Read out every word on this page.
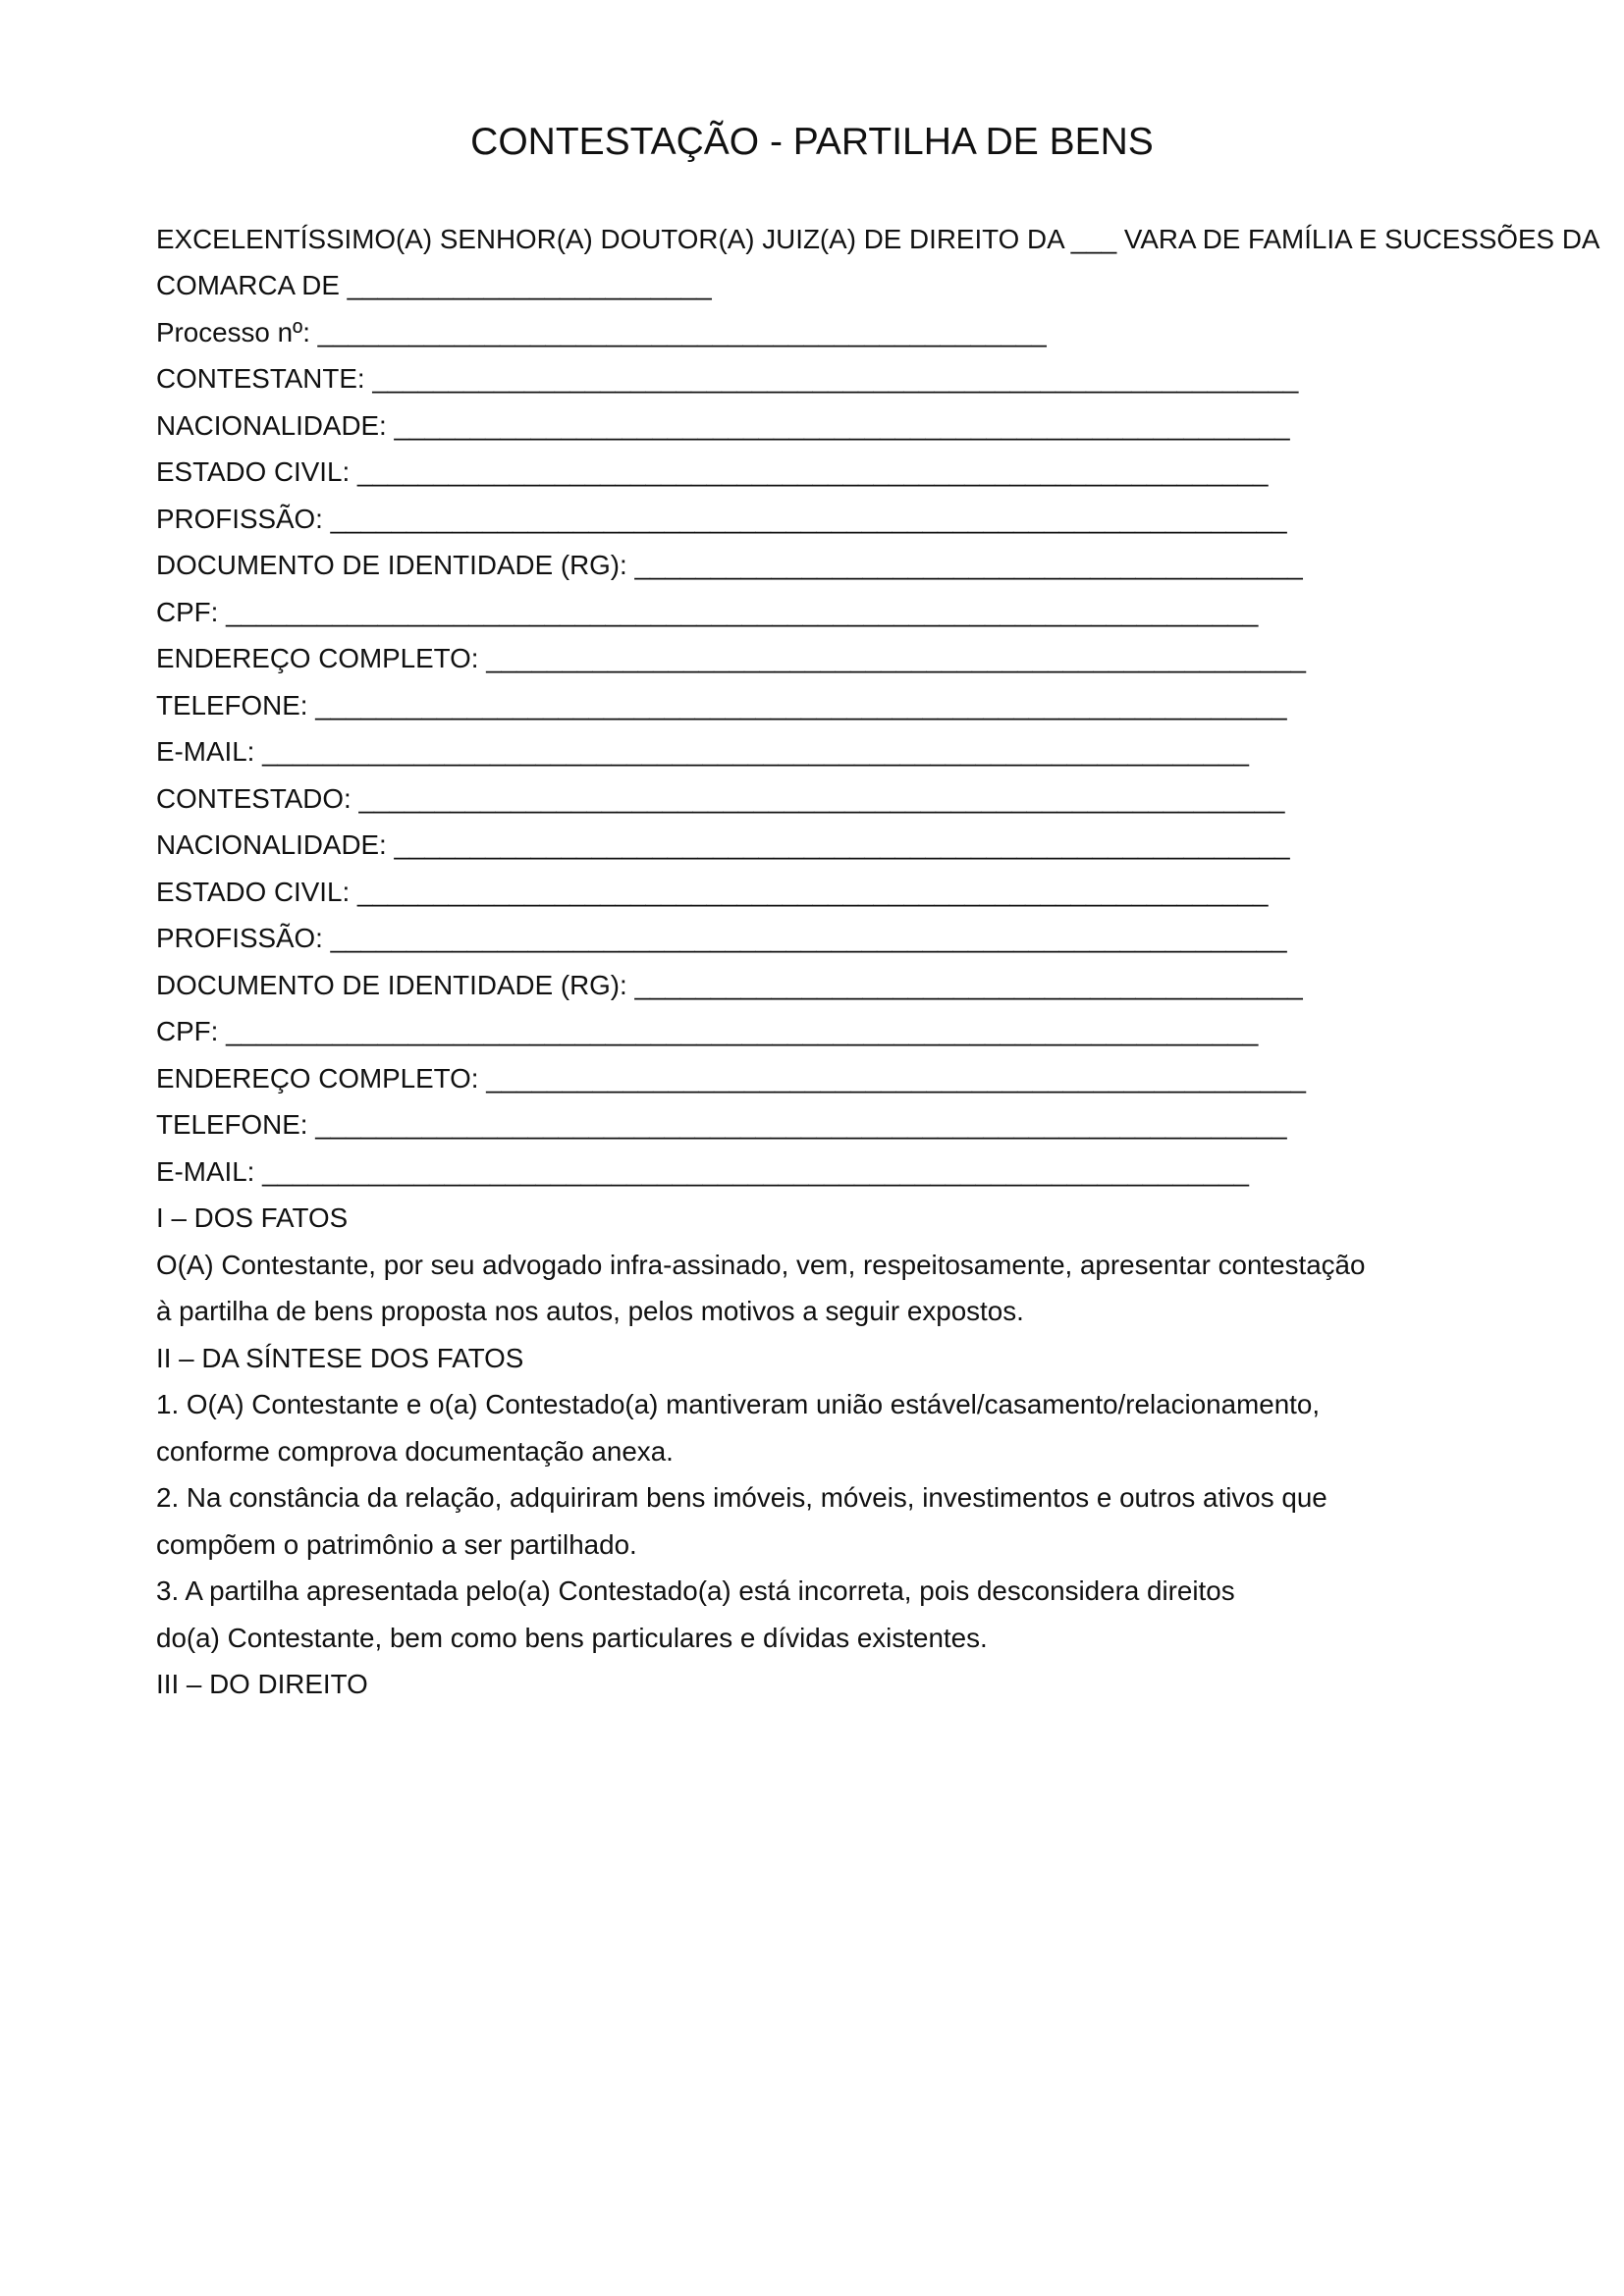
CONTESTAÇÃO - PARTILHA DE BENS
EXCELENTÍSSIMO(A) SENHOR(A) DOUTOR(A) JUIZ(A) DE DIREITO DA ___ VARA DE FAMÍLIA E SUCESSÕES DA
COMARCA DE ________________________
Processo nº: ________________________________________________
CONTESTANTE: _____________________________________________________________
NACIONALIDADE: ___________________________________________________________
ESTADO CIVIL: ____________________________________________________________
PROFISSÃO: _______________________________________________________________
DOCUMENTO DE IDENTIDADE (RG): ____________________________________________
CPF: ____________________________________________________________________
ENDEREÇO COMPLETO: ______________________________________________________
TELEFONE: ________________________________________________________________
E-MAIL: _________________________________________________________________
CONTESTADO: _____________________________________________________________
NACIONALIDADE: ___________________________________________________________
ESTADO CIVIL: ____________________________________________________________
PROFISSÃO: _______________________________________________________________
DOCUMENTO DE IDENTIDADE (RG): ____________________________________________
CPF: ____________________________________________________________________
ENDEREÇO COMPLETO: ______________________________________________________
TELEFONE: ________________________________________________________________
E-MAIL: _________________________________________________________________
I – DOS FATOS
O(A) Contestante, por seu advogado infra-assinado, vem, respeitosamente, apresentar contestação
à partilha de bens proposta nos autos, pelos motivos a seguir expostos.
II – DA SÍNTESE DOS FATOS
1. O(A) Contestante e o(a) Contestado(a) mantiveram união estável/casamento/relacionamento,
conforme comprova documentação anexa.
2. Na constância da relação, adquiriram bens imóveis, móveis, investimentos e outros ativos que
compõem o patrimônio a ser partilhado.
3. A partilha apresentada pelo(a) Contestado(a) está incorreta, pois desconsidera direitos
do(a) Contestante, bem como bens particulares e dívidas existentes.
III – DO DIREITO
